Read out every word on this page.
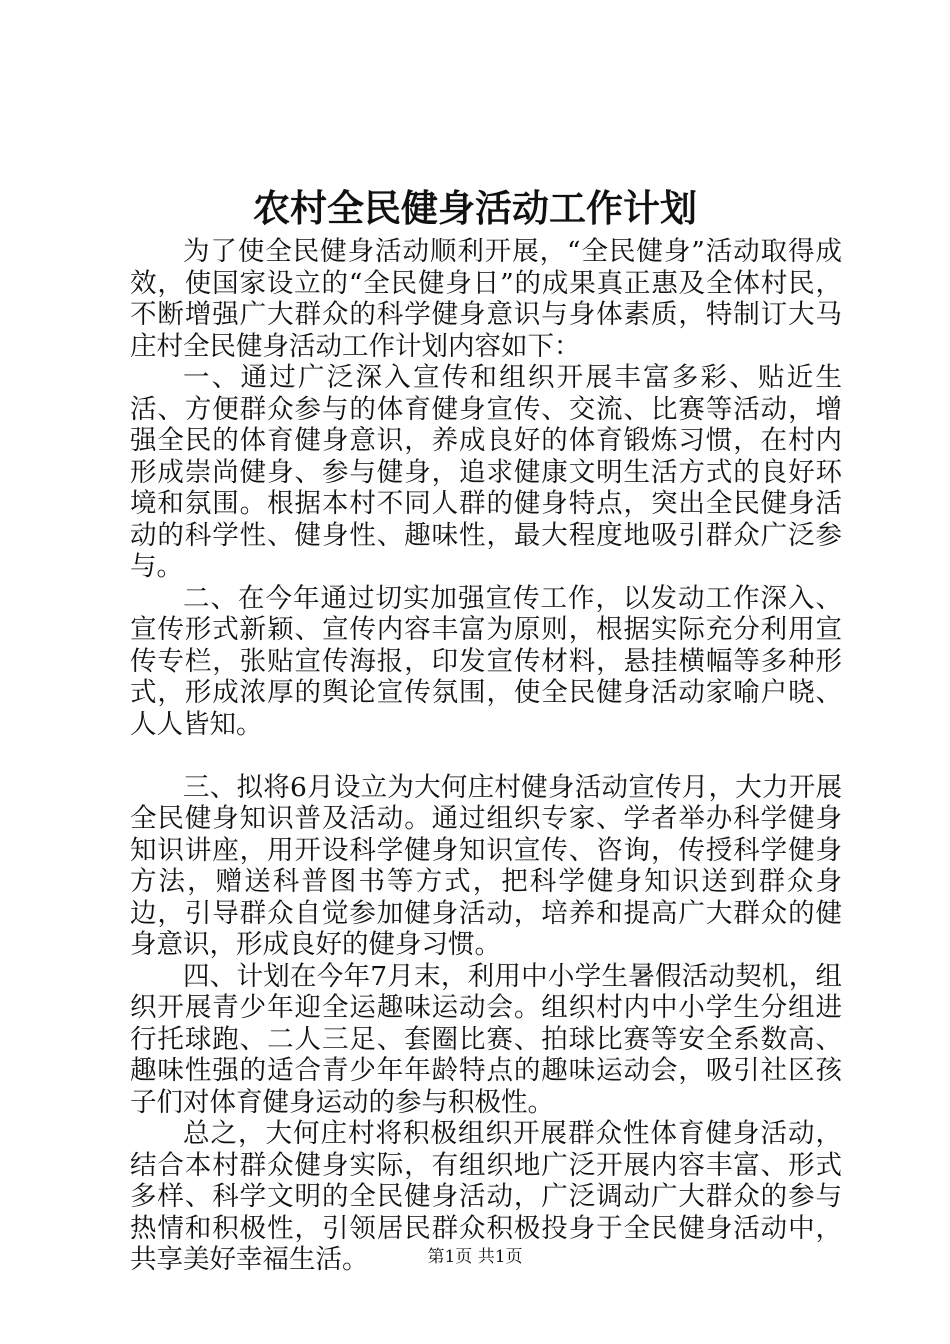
农村全民健身活动工作计划

为了使全民健身活动顺利开展，“全民健身”活动取得成效，使国家设立的“全民健身日”的成果真正惠及全体村民，不断增强广大群众的科学健身意识与身体素质，特制订大马庄村全民健身活动工作计划内容如下：

一、通过广泛深入宣传和组织开展丰富多彩、贴近生活、方便群众参与的体育健身宣传、交流、比赛等活动，增强全民的体育健身意识，养成良好的体育锻炼习惯，在村内形成崇尚健身、参与健身，追求健康文明生活方式的良好环境和氛围。根据本村不同人群的健身特点，突出全民健身活动的科学性、健身性、趣味性，最大程度地吸引群众广泛参与。

二、在今年通过切实加强宣传工作，以发动工作深入、宣传形式新颖、宣传内容丰富为原则，根据实际充分利用宣传专栏，张贴宣传海报，印发宣传材料，悬挂横幅等多种形式，形成浓厚的舆论宣传氛围，使全民健身活动家喻户晓、人人皆知。

三、拟将6月设立为大何庄村健身活动宣传月，大力开展全民健身知识普及活动。通过组织专家、学者举办科学健身知识讲座，用开设科学健身知识宣传、咨询，传授科学健身方法，赠送科普图书等方式，把科学健身知识送到群众身边，引导群众自觉参加健身活动，培养和提高广大群众的健身意识，形成良好的健身习惯。

四、计划在今年7月末，利用中小学生暑假活动契机，组织开展青少年迎全运趣味运动会。组织村内中小学生分组进行托球跑、二人三足、套圈比赛、拍球比赛等安全系数高、趣味性强的适合青少年年龄特点的趣味运动会，吸引社区孩子们对体育健身运动的参与积极性。

总之，大何庄村将积极组织开展群众性体育健身活动，结合本村群众健身实际，有组织地广泛开展内容丰富、形式多样、科学文明的全民健身活动，广泛调动广大群众的参与热情和积极性，引领居民群众积极投身于全民健身活动中，共享美好幸福生活。	第1页 共1页
